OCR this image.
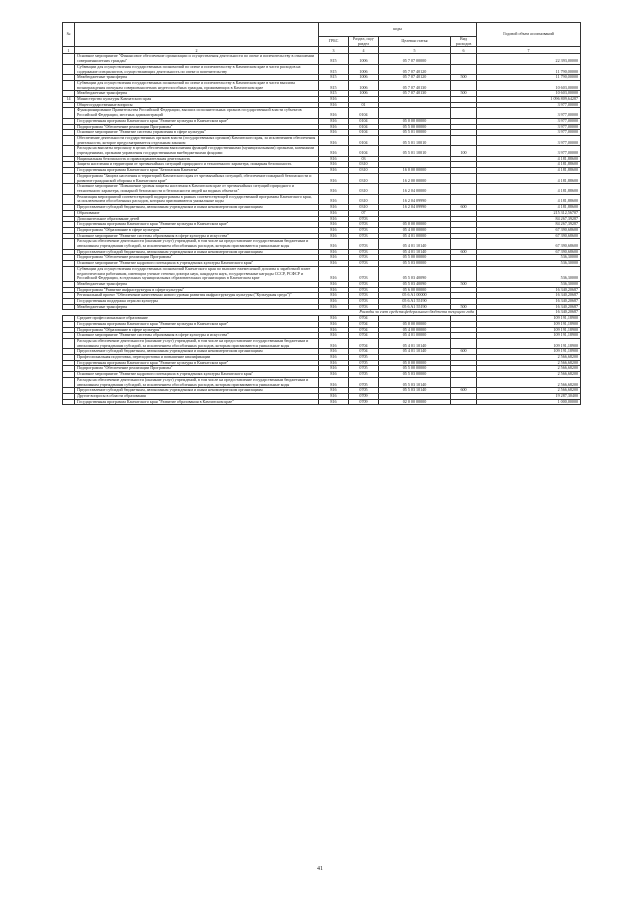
№		коды				Годовой объем ассигнований
		ГРБС	Раздел, под-раздел	Целевая статья	Вид расходов	
1	2	3	4	5	6	7
	Основное мероприятие "Финансовое обеспечение организации и осуществления деятельности по опеке и попечительству в отношении совершеннолетних граждан"	815	1006	05 7 07 00000		22 393,00000
	Субвенции для осуществления государственных полномочий по опеке и попечительству в Камчатском крае в части расходов на содержание специалистов, осуществляющих деятельность по опеке и попечительству	815	1006	05 7 07 40120		11 790,00000
	Межбюджетные трансферты	815	1006	05 7 07 40120	500	11 790,00000
	Субвенции для осуществления государственных полномочий по опеке и попечительству в Камчатском крае в части выплаты вознаграждения опекунам совершеннолетних недееспособных граждан, проживающих в Камчатском крае	815	1006	05 7 07 40130		10 603,00000
	Межбюджетные трансферты	815	1006	05 7 07 40130	500	10 603,00000
14	Министерство культуры Камчатского края	816				1 096 809,64287
	Общегосударственные вопросы	816	01			3 977,00000
	Функционирование Правительства Российской Федерации, высших исполнительных органов государственной власти субъектов Российской Федерации, местных администраций	816	0104			3 977,00000
	Государственная программа Камчатского края "Развитие культуры в Камчатском крае"	816	0104	05 0 00 00000		3 977,00000
	Подпрограмма "Обеспечение реализации Программы"	816	0104	05 5 00 00000		3 977,00000
	Основное мероприятие "Развитие системы управления в сфере культуры"	816	0104	05 5 01 00000		3 977,00000
	Обеспечение деятельности государственных органов власти (государственных органов) Камчатского края, за исключением обеспечения деятельности, которое предусматривается отдельным законом	816	0104	05 5 01 10010		3 977,00000
	Расходы на выплаты персоналу в целях обеспечения выполнения функций государственными (муниципальными) органами, казенными учреждениями, органами управления государственными внебюджетными фондами	816	0104	05 5 01 10010	100	3 977,00000
	Национальная безопасность и правоохранительная деятельность	816	03			4 181,88600
	Защита населения и территории от чрезвычайных ситуаций природного и техногенного характера, пожарная безопасность	816	0310			4 181,88600
	Государственная программа Камчатского края "Безопасная Камчатка"	816	0310	16 0 00 00000		4 181,88600
	Подпрограмма "Защита населения и территорий Камчатского края от чрезвычайных ситуаций, обеспечение пожарной безопасности и развитие гражданской обороны в Камчатском крае"	816	0310	16 2 00 00000		4 181,88600
	Основное мероприятие "Повышение уровня защиты населения в Камчатском крае от чрезвычайных ситуаций природного и техногенного характера, пожарной безопасности и безопасности людей на водных объектах"	816	0310	16 2 04 00000		4 181,88600
	Реализация мероприятий соответствующей подпрограммы в рамках соответствующей государственной программы Камчатского края, за исключением обособленных расходов, которым присваиваются уникальные коды	816	0310	16 2 04 09990		4 181,88600
	Предоставление субсидий бюджетным, автономным учреждениям и иным некоммерческим организациям	816	0310	16 2 04 09990	600	4 181,88600
	Образование	816	07			215 312,56707
	Дополнительное образование детей	816	0703			84 267,39287
	Государственная программа Камчатского края "Развитие культуры в Камчатском крае"	816	0703	05 0 00 00000		84 267,39287
	Подпрограмма "Образование в сфере культуры"	816	0703	05 4 00 00000		67 390,68600
	Основное мероприятие "Развитие системы образования в сфере культуры и искусства"	816	0703	05 4 01 00000		67 390,68600
	Расходы на обеспечение деятельности (оказание услуг) учреждений, в том числе на предоставление государственным бюджетным и автономным учреждениям субсидий, за исключением обособленных расходов, которым присваиваются уникальные коды	816	0703	05 4 01 10140		67 390,68600
	Предоставление субсидий бюджетным, автономным учреждениям и иным некоммерческим организациям	816	0703	05 4 01 10140	600	67 390,68600
	Подпрограмма "Обеспечение реализации Программы"	816	0703	05 5 00 00000		536,30000
	Основное мероприятие "Развитие кадрового потенциала в учреждениях культуры Камчатского края"	816	0703	05 5 03 00000		536,30000
	Субвенции для осуществления государственных полномочий Камчатского края по выплате ежемесячной доплаты к заработной плате педагогическим работникам, имеющим ученые степени доктора наук, кандидата наук, государственные награды СССР, РСФСР и Российской Федерации, в отдельных муниципальных образовательных организациях в Камчатском крае	816	0703	05 5 03 40090		536,30000
	Межбюджетные трансферты	816	0703	05 5 03 40090	500	536,30000
	Подпрограмма "Развитие инфраструктуры в сфере культуры"	816	0703	05 6 00 00000		16 340,20687
	Региональный проект "Обеспечение качественно нового уровня развития инфраструктуры культуры ("Культурная среда")"	816	0703	05 6 A1 00000		16 340,20687
	Государственная поддержка отрасли культуры	816	0703	05 6 A1 55190		16 340,20687
	Межбюджетные трансферты	816	0703	05 6 A1 55190	500	16 340,20687
Расходы за счет средств федерального бюджета текущего года						16 340,20687
	Среднее профессиональное образование	816	0704			109 191,18900
	Государственная программа Камчатского края "Развитие культуры в Камчатском крае"	816	0704	05 0 00 00000		109 191,18900
	Подпрограмма "Образование в сфере культуры"	816	0704	05 4 00 00000		109 191,18900
	Основное мероприятие "Развитие системы образования в сфере культуры и искусства"	816	0704	05 4 01 00000		109 191,18900
	Расходы на обеспечение деятельности (оказание услуг) учреждений, в том числе на предоставление государственным бюджетным и автономным учреждениям субсидий, за исключением обособленных расходов, которым присваиваются уникальные коды	816	0704	05 4 01 10140		109 191,18900
	Предоставление субсидий бюджетным, автономным учреждениям и иным некоммерческим организациям	816	0704	05 4 01 10140	600	109 191,18900
	Профессиональная подготовка, переподготовка и повышение квалификации	816	0705			2 566,68200
	Государственная программа Камчатского края "Развитие культуры в Камчатском крае"	816	0705	05 0 00 00000		2 566,68200
	Подпрограмма "Обеспечение реализации Программы"	816	0705	05 5 00 00000		2 566,68200
	Основное мероприятие "Развитие кадрового потенциала в учреждениях культуры Камчатского края"	816	0705	05 5 03 00000		2 566,68200
	Расходы на обеспечение деятельности (оказание услуг) учреждений, в том числе на предоставление государственным бюджетным и автономным учреждениям субсидий, за исключением обособленных расходов, которым присваиваются уникальные коды	816	0705	05 5 03 10140		2 566,68200
	Предоставление субсидий бюджетным, автономным учреждениям и иным некоммерческим организациям	816	0705	05 5 03 10140	600	2 566,68200
	Другие вопросы в области образования	816	0709			19 287,30400
	Государственная программа Камчатского края "Развитие образования в Камчатском крае"	816	0709	02 0 00 00000		1 000,00000
41
